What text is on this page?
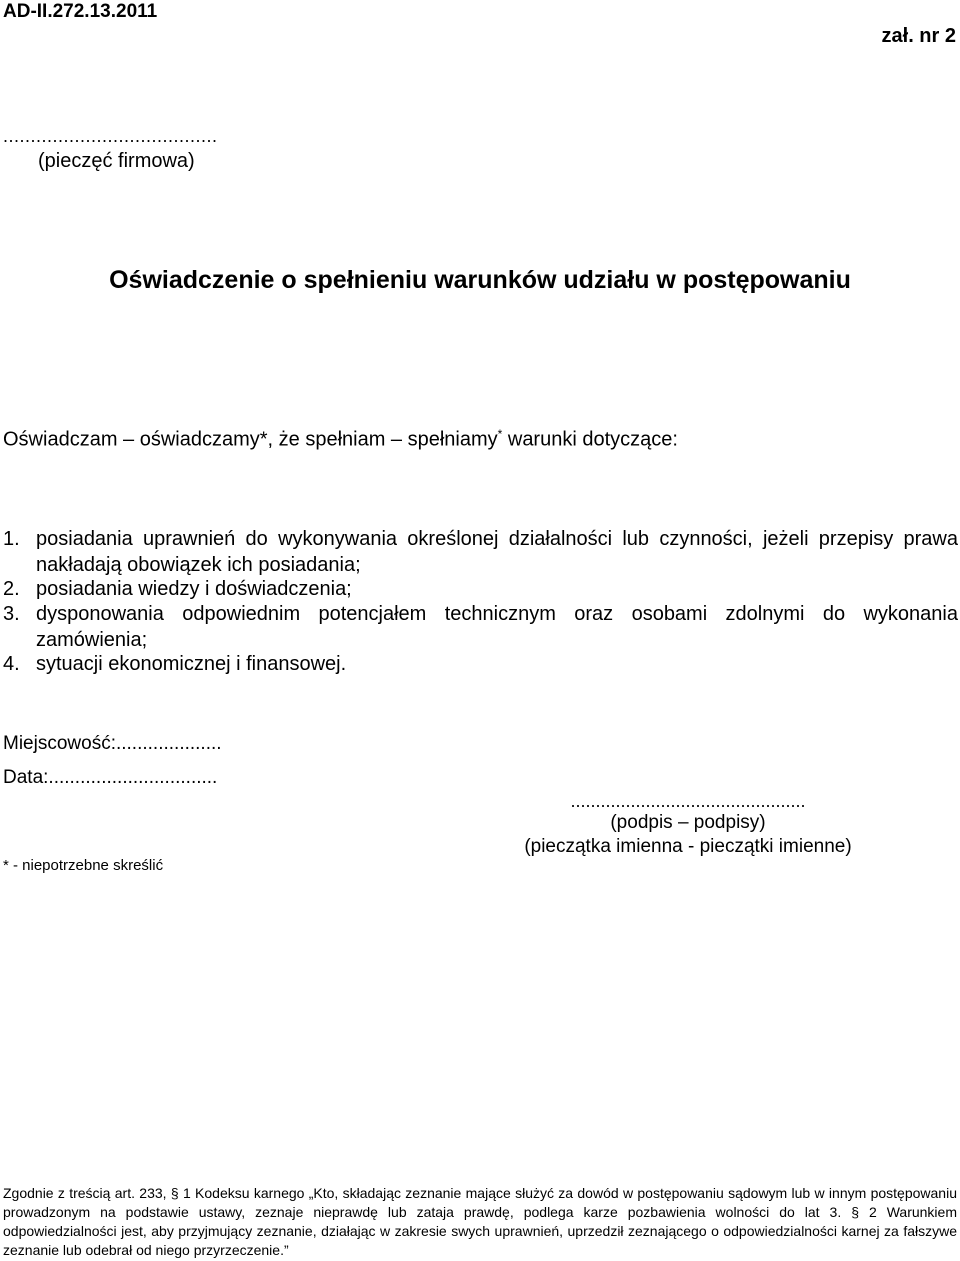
AD-II.272.13.2011
zał. nr 2
.......................................
(pieczęć firmowa)
Oświadczenie o spełnieniu warunków udziału w postępowaniu
Oświadczam – oświadczamy*, że spełniam – spełniamy* warunki dotyczące:
1. posiadania uprawnień do wykonywania określonej działalności lub czynności, jeżeli przepisy prawa nakładają obowiązek ich posiadania;
2. posiadania wiedzy i doświadczenia;
3. dysponowania odpowiednim potencjałem technicznym oraz osobami zdolnymi do wykonania zamówienia;
4. sytuacji ekonomicznej i finansowej.
Miejscowość:....................
Data:................................
...............................................
(podpis – podpisy)
(pieczątka imienna - pieczątki imienne)
* - niepotrzebne skreślić
Zgodnie z treścią art. 233, § 1 Kodeksu karnego „Kto, składając zeznanie mające służyć za dowód w postępowaniu sądowym lub w innym postępowaniu prowadzonym na podstawie ustawy, zeznaje nieprawdę lub zataja prawdę, podlega karze pozbawienia wolności do lat 3. § 2 Warunkiem odpowiedzialności jest, aby przyjmujący zeznanie, działając w zakresie swych uprawnień, uprzedził zeznającego o odpowiedzialności karnej za fałszywe zeznanie lub odebrał od niego przyrzeczenie.”
